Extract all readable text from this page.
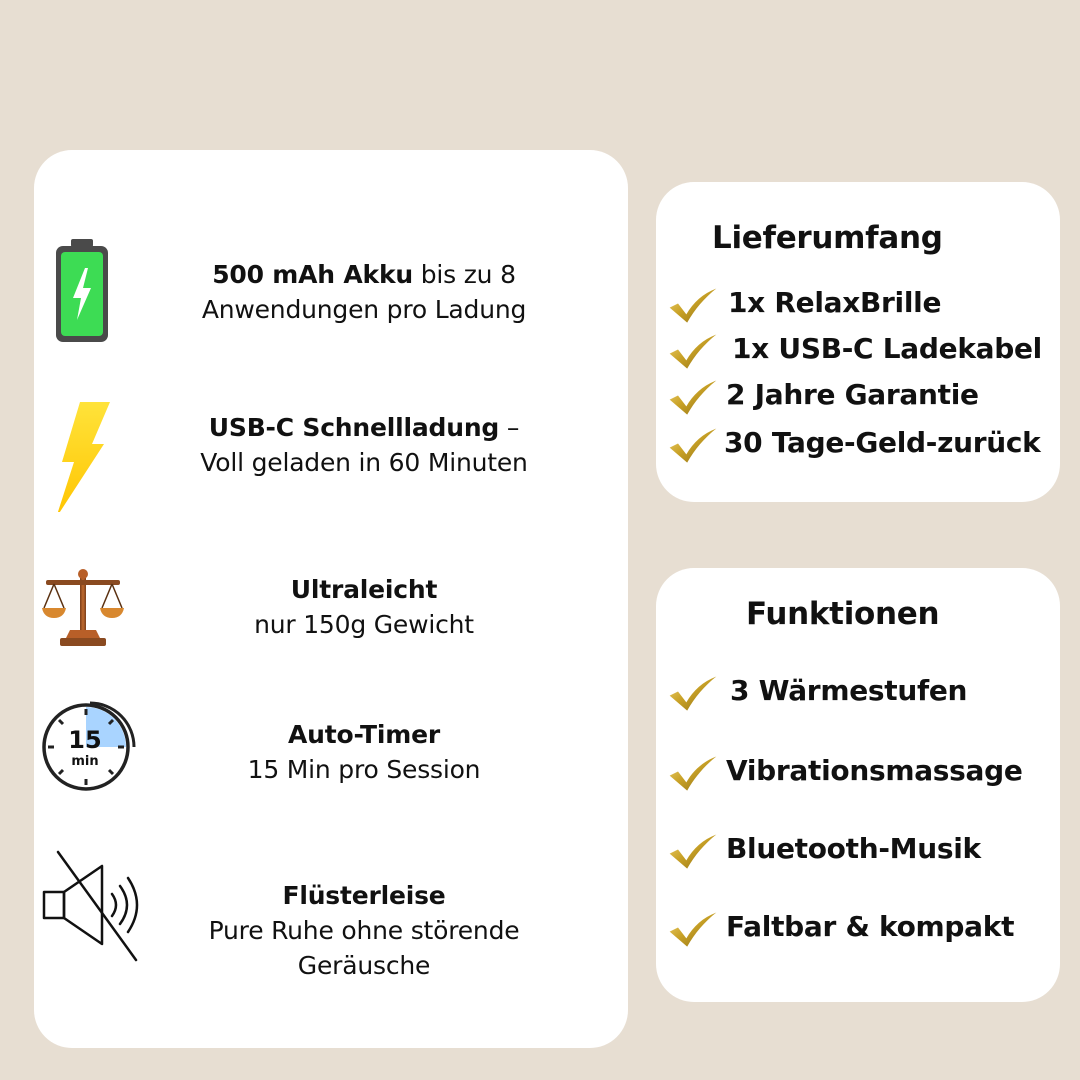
500 mAh Akku bis zu 8
Anwendungen pro Ladung
USB-C Schnellladung –
Voll geladen in 60 Minuten
Ultraleicht
nur 150g Gewicht
15
min
Auto-Timer
15 Min pro Session
Flüsterleise
Pure Ruhe ohne störende
Geräusche
Lieferumfang
1x RelaxBrille
1x USB-C Ladekabel
2 Jahre Garantie
30 Tage-Geld-zurück
Funktionen
3 Wärmestufen
Vibrationsmassage
Bluetooth-Musik
Faltbar & kompakt
